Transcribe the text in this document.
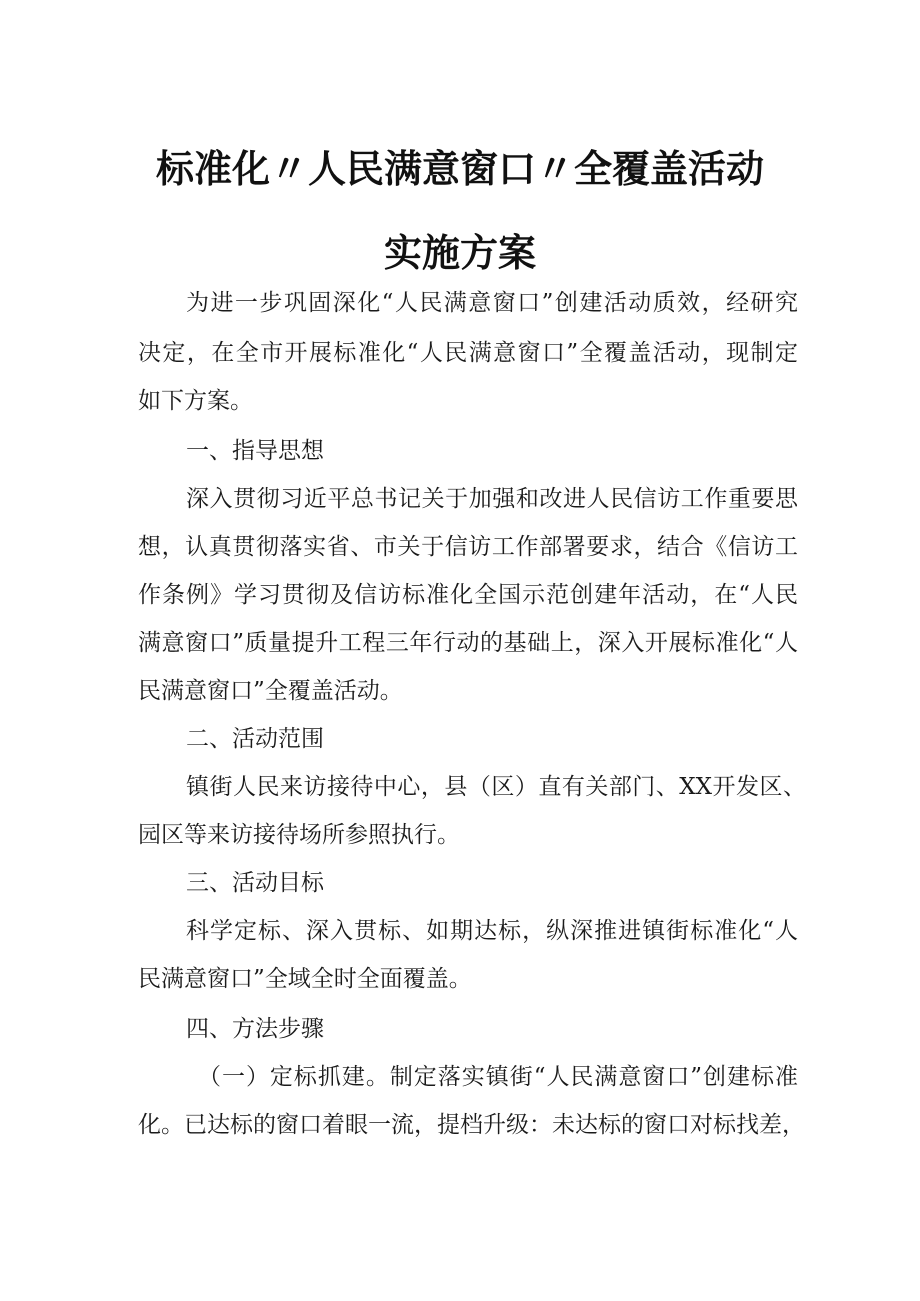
标准化〃人民满意窗口〃全覆盖活动
实施方案
为进一步巩固深化“人民满意窗口”创建活动质效，经研究
决定，在全市开展标准化“人民满意窗口”全覆盖活动，现制定
如下方案。
一、指导思想
深入贯彻习近平总书记关于加强和改进人民信访工作重要思
想，认真贯彻落实省、市关于信访工作部署要求，结合《信访工
作条例》学习贯彻及信访标准化全国示范创建年活动，在“人民
满意窗口”质量提升工程三年行动的基础上，深入开展标准化“人
民满意窗口”全覆盖活动。
二、活动范围
镇街人民来访接待中心，县（区）直有关部门、XX开发区、
园区等来访接待场所参照执行。
三、活动目标
科学定标、深入贯标、如期达标，纵深推进镇街标准化“人
民满意窗口”全域全时全面覆盖。
四、方法步骤
（一）定标抓建。制定落实镇街“人民满意窗口”创建标准
化。已达标的窗口着眼一流，提档升级：未达标的窗口对标找差，
